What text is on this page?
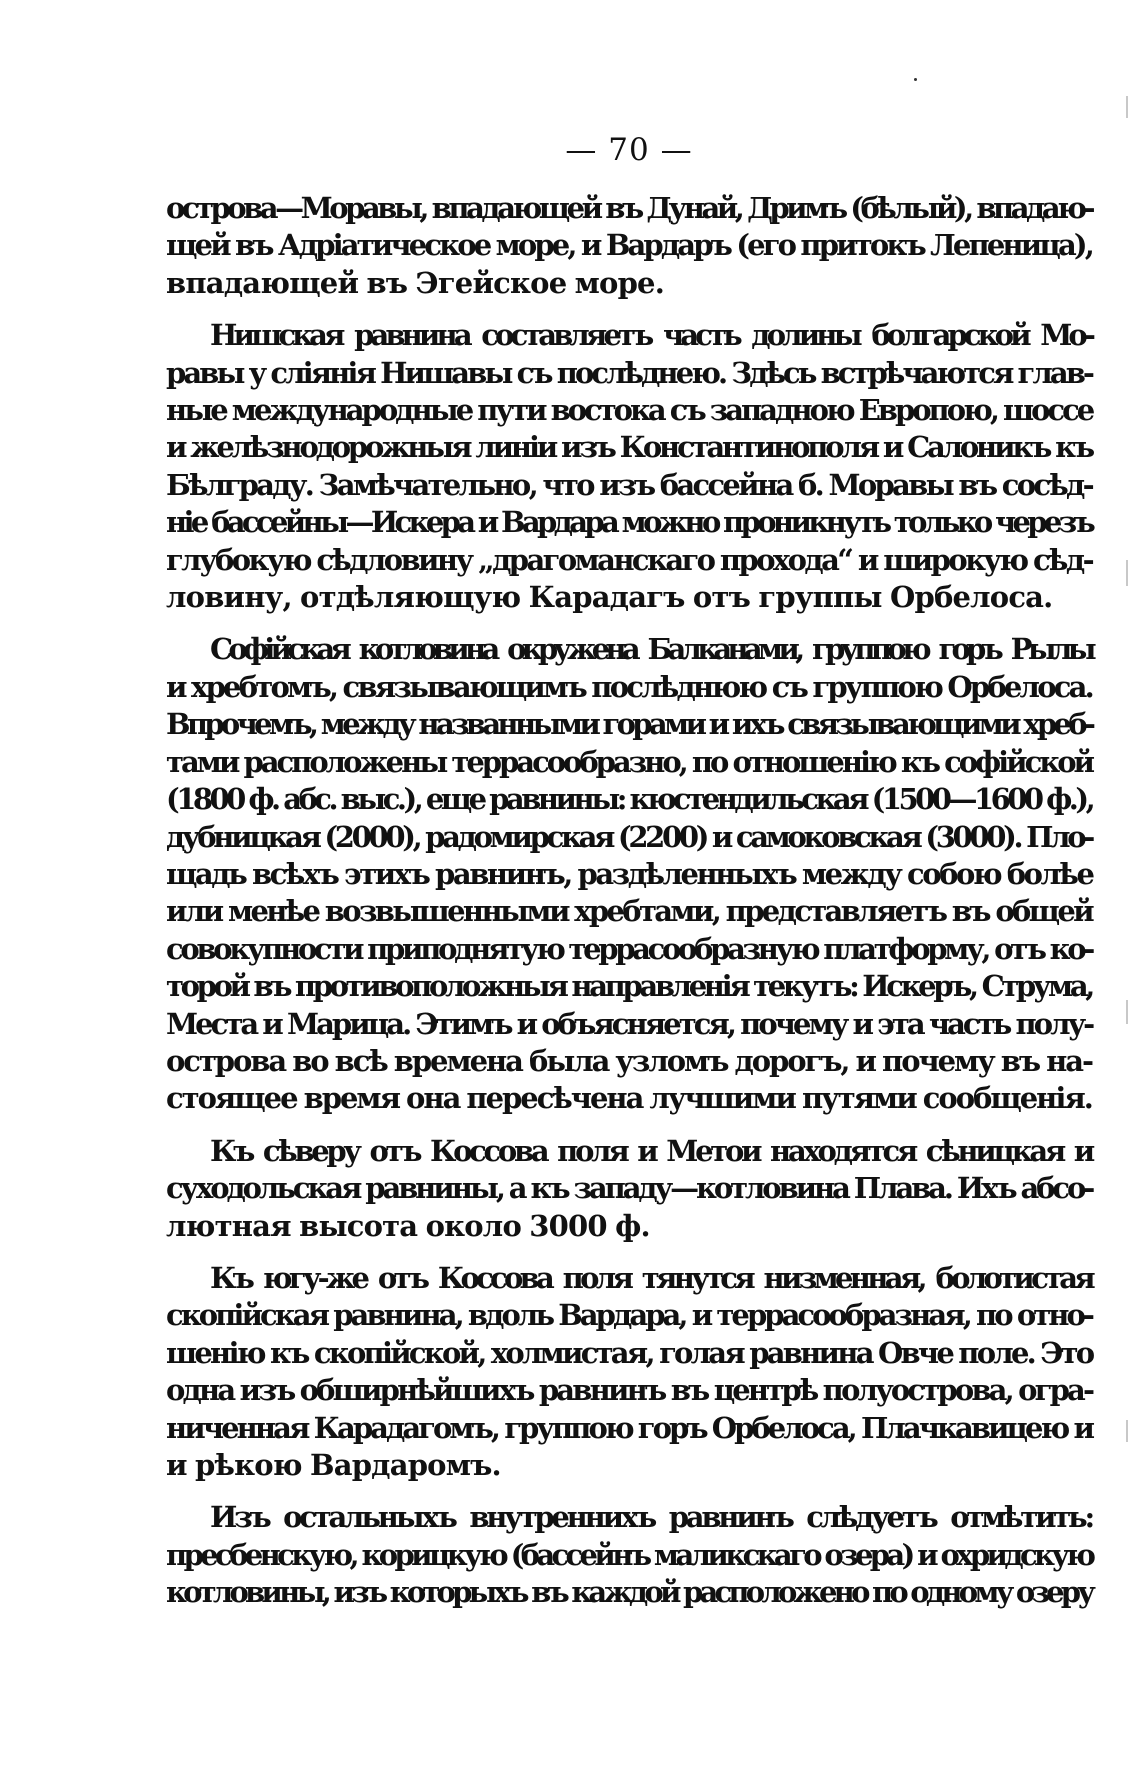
— 70 —
острова—Моравы, впадающей въ Дунай, Дримъ (бѣлый), впадаю-
щей въ Адріатическое море, и Вардаръ (его притокъ Лепеница),
впадающей въ Эгейское море.
Нишская равнина составляетъ часть долины болгарской Мо-
равы у слiянiя Нишавы съ послѣднею. Здѣсь встрѣчаются глав-
ные международные пути востока съ западною Европою, шоссе
и желѣзнодорожныя линiи изъ Константинополя и Салоникъ къ
Бѣлграду. Замѣчательно, что изъ бассейна б. Моравы въ сосѣд-
нiе бассейны—Искера и Вардара можно проникнуть только черезъ
глубокую сѣдловину „драгоманскаго прохода“ и широкую сѣд-
ловину, отдѣляющую Карадагъ отъ группы Орбелоса.
Софiйская котловина окружена Балканами, группою горъ Рылы
и хребтомъ, связывающимъ послѣднюю съ группою Орбелоса.
Впрочемъ, между названными горами и ихъ связывающими хреб-
тами расположены террасообразно, по отношенiю къ софiйской
(1800 ф. абс. выс.), еще равнины: кюстендильская (1500—1600 ф.),
дубницкая (2000), радомирская (2200) и самоковская (3000). Пло-
щадь всѣхъ этихъ равнинъ, раздѣленныхъ между собою болѣе
или менѣе возвышенными хребтами, представляетъ въ общей
совокупности приподнятую террасообразную платформу, отъ ко-
торой въ противоположныя направленiя текутъ: Искеръ, Струма,
Места и Марица. Этимъ и объясняется, почему и эта часть полу-
острова во всѣ времена была узломъ дорогъ, и почему въ на-
стоящее время она пересѣчена лучшими путями сообщенiя.
Къ сѣверу отъ Коссова поля и Метои находятся сѣницкая и
суходольская равнины, а къ западу—котловина Плава. Ихъ абсо-
лютная высота около 3000 ф.
Къ югу-же отъ Коссова поля тянутся низменная, болотистая
скопiйская равнина, вдоль Вардара, и террасообразная, по отно-
шенiю къ скопiйской, холмистая, голая равнина Овче поле. Это
одна изъ обширнѣйшихъ равнинъ въ центрѣ полуострова, огра-
ниченная Карадагомъ, группою горъ Орбелоса, Плачкавицею и
и рѣкою Вардаромъ.
Изъ остальныхъ внутреннихъ равнинъ слѣдуетъ отмѣтить:
пресбенскую, корицкую (бассейнъ маликскаго озера) и охридскую
котловины, изъ которыхъ въ каждой расположено по одному озеру
